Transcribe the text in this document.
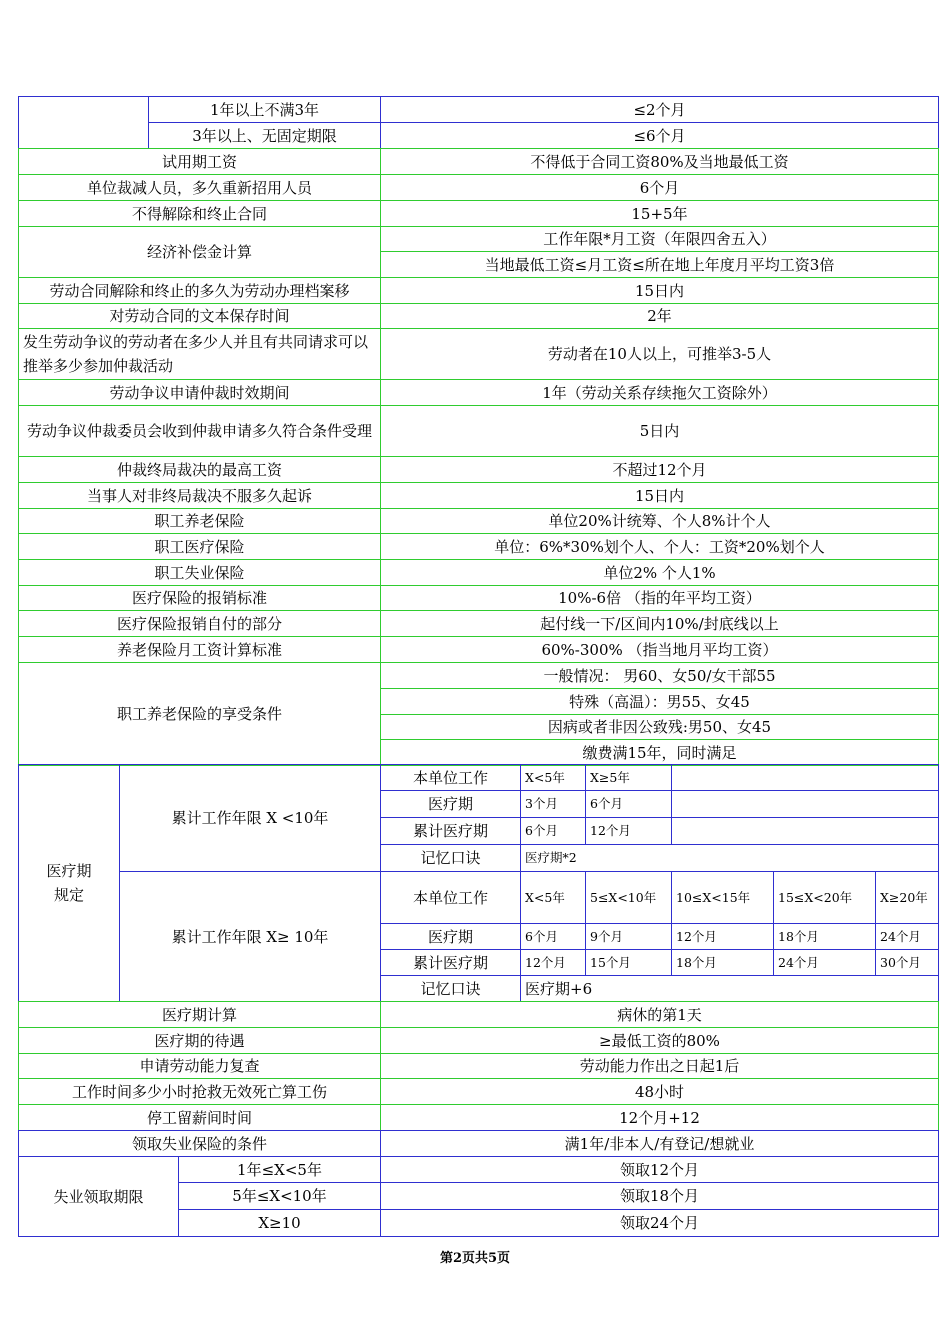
	1年以上不满3年	≤2个月
	3年以上、无固定期限	≤6个月
试用期工资	不得低于合同工资80%及当地最低工资
单位裁减人员，多久重新招用人员	6个月
不得解除和终止合同	15+5年
经济补偿金计算	工作年限*月工资（年限四舍五入）
	当地最低工资≤月工资≤所在地上年度月平均工资3倍
劳动合同解除和终止的多久为劳动办理档案移	15日内
对劳动合同的文本保存时间	2年
发生劳动争议的劳动者在多少人并且有共同请求可以推举多少参加仲裁活动	劳动者在10人以上，可推举3-5人
劳动争议申请仲裁时效期间	1年（劳动关系存续拖欠工资除外）
劳动争议仲裁委员会收到仲裁申请多久符合条件受理	5日内
仲裁终局裁决的最高工资	不超过12个月
当事人对非终局裁决不服多久起诉	15日内
职工养老保险	单位20%计统筹、个人8%计个人
职工医疗保险	单位：6%*30%划个人、个人：工资*20%划个人
职工失业保险	单位2% 个人1%
医疗保险的报销标准	10%-6倍 （指的年平均工资）
医疗保险报销自付的部分	起付线一下/区间内10%/封底线以上
养老保险月工资计算标准	60%-300% （指当地月平均工资）
职工养老保险的享受条件	一般情况： 男60、女50/女干部55
	特殊（高温）：男55、女45
	因病或者非因公致残:男50、女45
	缴费满15年，同时满足
医疗期规定	累计工作年限 X <10年	本单位工作	X<5年	X≥5年			
		医疗期	3个月	6个月			
		累计医疗期	6个月	12个月			
		记忆口诀	医疗期*2				
	累计工作年限 X≥ 10年	本单位工作	X<5年	5≤X<10年	10≤X<15年	15≤X<20年	X≥20年
		医疗期	6个月	9个月	12个月	18个月	24个月
		累计医疗期	12个月	15个月	18个月	24个月	30个月
		记忆口诀	医疗期+6				
医疗期计算	病休的第1天
医疗期的待遇	≥最低工资的80%
申请劳动能力复查	劳动能力作出之日起1后
工作时间多少小时抢救无效死亡算工伤	48小时
停工留薪间时间	12个月+12
领取失业保险的条件		满1年/非本人/有登记/想就业
失业领取期限	1年≤X<5年	领取12个月
	5年≤X<10年	领取18个月
	X≥10	领取24个月
第2页共5页
